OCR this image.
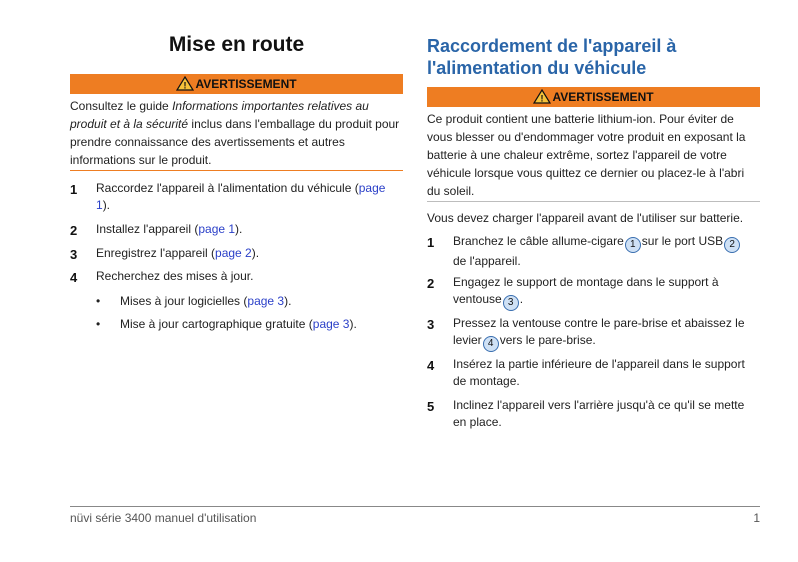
Mise en route
! AVERTISSEMENT
Consultez le guide Informations importantes relatives au produit et à la sécurité inclus dans l'emballage du produit pour prendre connaissance des avertissements et autres informations sur le produit.
1 Raccordez l'appareil à l'alimentation du véhicule (page 1).
2 Installez l'appareil (page 1).
3 Enregistrez l'appareil (page 2).
4 Recherchez des mises à jour.
• Mises à jour logicielles (page 3).
• Mise à jour cartographique gratuite (page 3).
Raccordement de l'appareil à l'alimentation du véhicule
! AVERTISSEMENT
Ce produit contient une batterie lithium-ion. Pour éviter de vous blesser ou d'endommager votre produit en exposant la batterie à une chaleur extrême, sortez l'appareil de votre véhicule lorsque vous quittez ce dernier ou placez-le à l'abri du soleil.
Vous devez charger l'appareil avant de l'utiliser sur batterie.
1 Branchez le câble allume-cigare 1 sur le port USB 2
de l'appareil.
2 Engagez le support de montage dans le support à ventouse 3 .
3 Pressez la ventouse contre le pare-brise et abaissez le levier 4 vers le pare-brise.
4 Insérez la partie inférieure de l'appareil dans le support de montage.
5 Inclinez l'appareil vers l'arrière jusqu'à ce qu'il se mette en place.
nüvi série 3400 manuel d'utilisation	1
